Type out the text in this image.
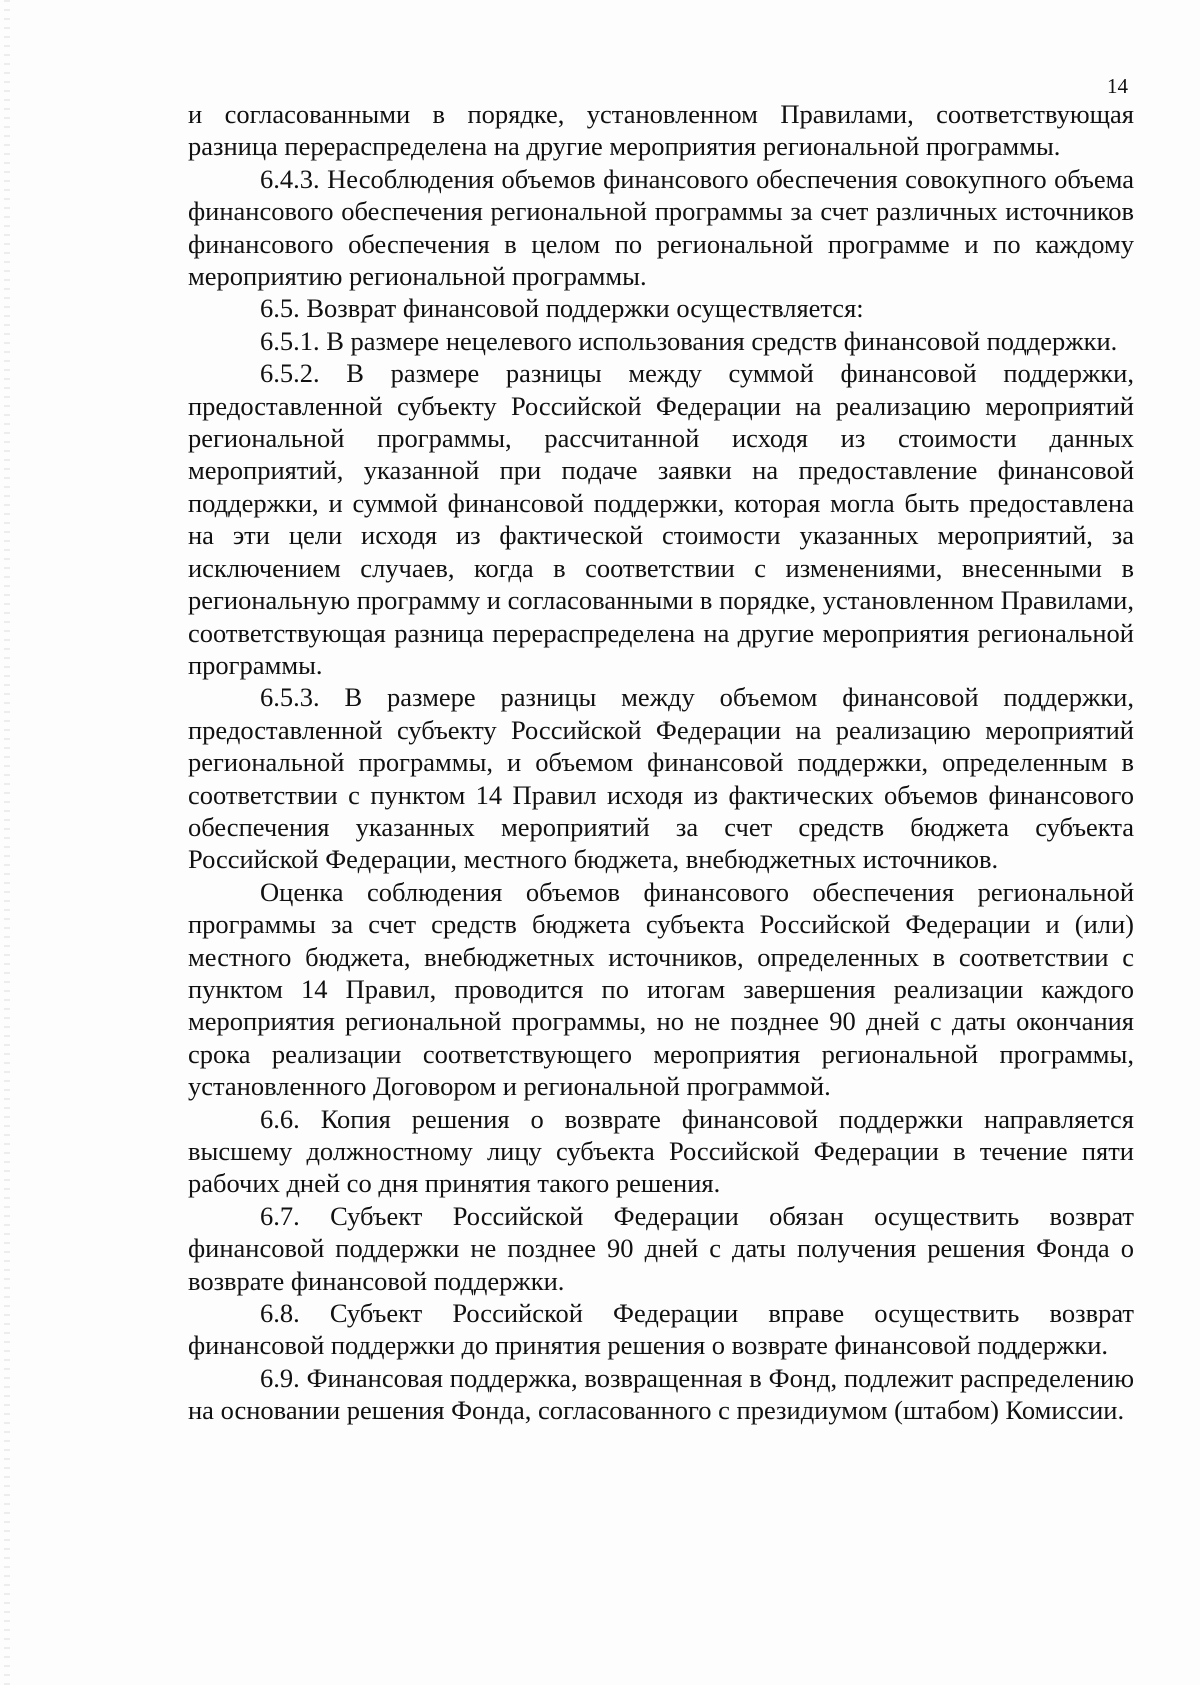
14

и согласованными в порядке, установленном Правилами, соответствующая разница перераспределена на другие мероприятия региональной программы.

6.4.3. Несоблюдения объемов финансового обеспечения совокупного объема финансового обеспечения региональной программы за счет различных источников финансового обеспечения в целом по региональной программе и по каждому мероприятию региональной программы.

6.5. Возврат финансовой поддержки осуществляется:

6.5.1. В размере нецелевого использования средств финансовой поддержки.

6.5.2. В размере разницы между суммой финансовой поддержки, предоставленной субъекту Российской Федерации на реализацию мероприятий региональной программы, рассчитанной исходя из стоимости данных мероприятий, указанной при подаче заявки на предоставление финансовой поддержки, и суммой финансовой поддержки, которая могла быть предоставлена на эти цели исходя из фактической стоимости указанных мероприятий, за исключением случаев, когда в соответствии с изменениями, внесенными в региональную программу и согласованными в порядке, установленном Правилами, соответствующая разница перераспределена на другие мероприятия региональной программы.

6.5.3. В размере разницы между объемом финансовой поддержки, предоставленной субъекту Российской Федерации на реализацию мероприятий региональной программы, и объемом финансовой поддержки, определенным в соответствии с пунктом 14 Правил исходя из фактических объемов финансового обеспечения указанных мероприятий за счет средств бюджета субъекта Российской Федерации, местного бюджета, внебюджетных источников.

Оценка соблюдения объемов финансового обеспечения региональной программы за счет средств бюджета субъекта Российской Федерации и (или) местного бюджета, внебюджетных источников, определенных в соответствии с пунктом 14 Правил, проводится по итогам завершения реализации каждого мероприятия региональной программы, но не позднее 90 дней с даты окончания срока реализации соответствующего мероприятия региональной программы, установленного Договором и региональной программой.

6.6. Копия решения о возврате финансовой поддержки направляется высшему должностному лицу субъекта Российской Федерации в течение пяти рабочих дней со дня принятия такого решения.

6.7. Субъект Российской Федерации обязан осуществить возврат финансовой поддержки не позднее 90 дней с даты получения решения Фонда о возврате финансовой поддержки.

6.8. Субъект Российской Федерации вправе осуществить возврат финансовой поддержки до принятия решения о возврате финансовой поддержки.

6.9. Финансовая поддержка, возвращенная в Фонд, подлежит распределению на основании решения Фонда, согласованного с президиумом (штабом) Комиссии.
